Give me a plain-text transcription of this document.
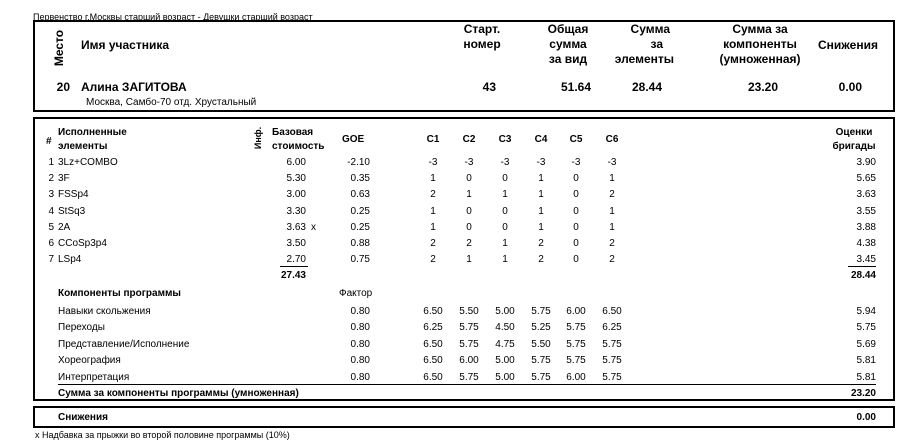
Первенство г.Москвы старший возраст - Девушки старший возраст
Место Имя участника
Старт.
номер
Общая
сумма
за вид
Сумма
за
элементы
Сумма за
компоненты
(умноженная)
Снижения
20 Алина ЗАГИТОВА
Москва, Самбо-70 отд. Хрустальный
43	51.64	28.44	23.20	0.00
#
Исполненные
элементы	Инф. Базовая
стоимость
GOE	C1	C2	C3	C4	C5	C6
Оценки
бригады
1 3Lz+COMBO	6.00	-2.10	-3	-3	-3	-3	-3	-3	3.90
2 3F	5.30	0.35	1	0	0	1	0	1	5.65
3 FSSp4	3.00	0.63	2	1	1	1	0	2	3.63
4 StSq3	3.30	0.25	1	0	0	1	0	1	3.55
5 2A	3.63 x	0.25	1	0	0	1	0	1	3.88
6 CCoSp3p4	3.50	0.88	2	2	1	2	0	2	4.38
7 LSp4	2.70	0.75	2	1	1	2	0	2	3.45
27.43	28.44
Компоненты программы	Фактор
Навыки скольжения	0.80	6.50	5.50	5.00	5.75	6.00	6.50	5.94
Переходы	0.80	6.25	5.75	4.50	5.25	5.75	6.25	5.75
Представление/Исполнение	0.80	6.50	5.75	4.75	5.50	5.75	5.75	5.69
Хореография	0.80	6.50	6.00	5.00	5.75	5.75	5.75	5.81
Интерпретация	0.80	6.50	5.75	5.00	5.75	6.00	5.75	5.81
Сумма за компоненты программы (умноженная)	23.20
Снижения	0.00
x Надбавка за прыжки во второй половине программы (10%)
